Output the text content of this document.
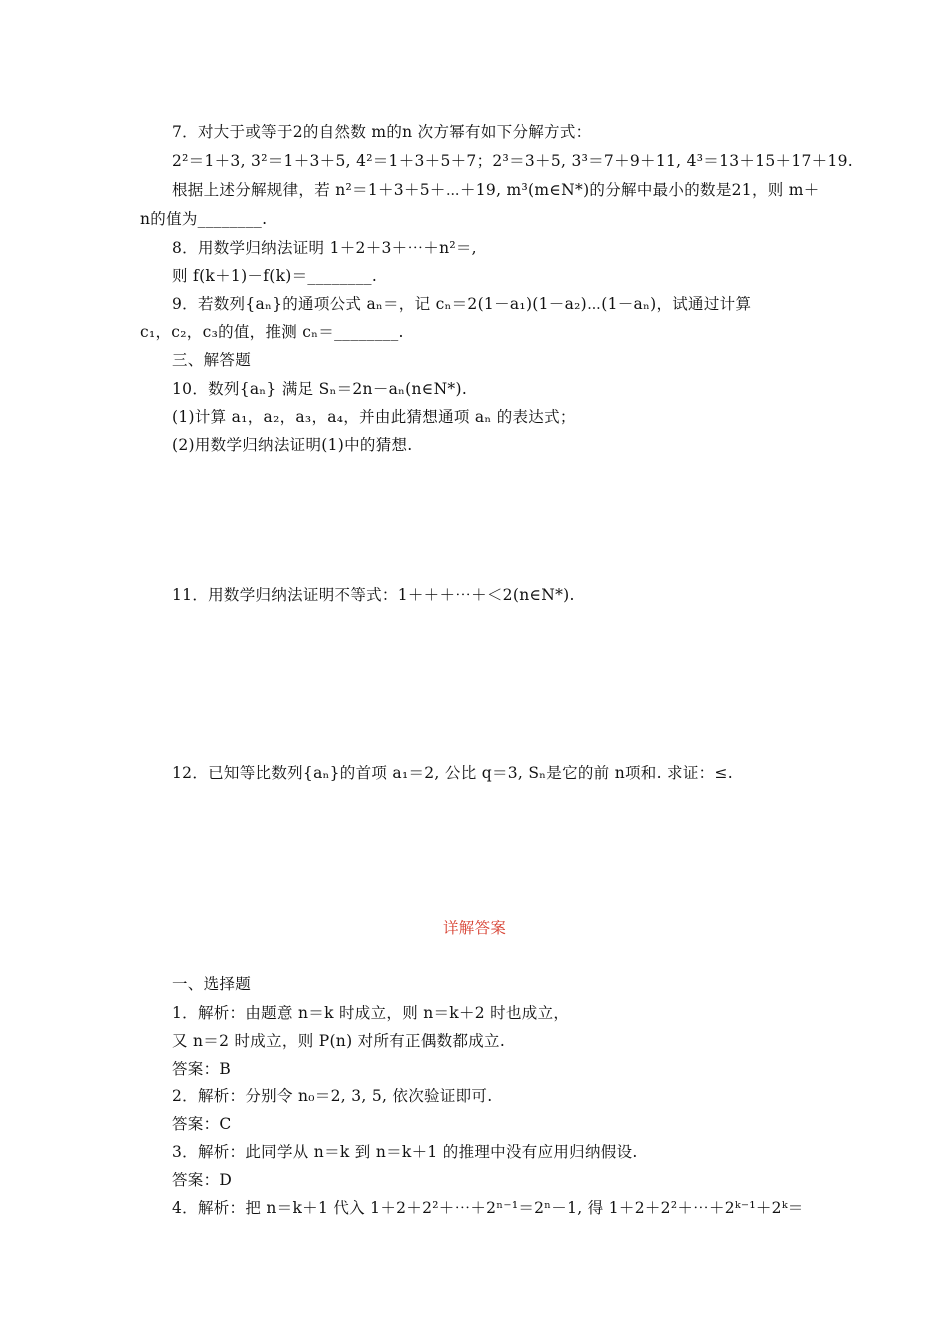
7．对大于或等于2的自然数 m的n 次方幂有如下分解方式：
2²＝1＋3, 3²＝1＋3＋5, 4²＝1＋3＋5＋7；2³＝3＋5, 3³＝7＋9＋11, 4³＝13＋15＋17＋19.
根据上述分解规律，若 n²＝1＋3＋5＋⋯＋19, m³(m∈N*)的分解中最小的数是21，则 m＋
n的值为________.
8．用数学归纳法证明 1＋2＋3＋⋯＋n²＝,
则 f(k＋1)－f(k)＝________.
9．若数列{aₙ}的通项公式 aₙ＝，记 cₙ＝2(1－a₁)(1－a₂)⋯(1－aₙ)，试通过计算
c₁，c₂，c₃的值，推测 cₙ＝________.
三、解答题
10．数列{aₙ} 满足 Sₙ＝2n－aₙ(n∈N*).
(1)计算 a₁，a₂，a₃，a₄，并由此猜想通项 aₙ 的表达式；
(2)用数学归纳法证明(1)中的猜想.
11．用数学归纳法证明不等式：1＋＋＋⋯＋＜2(n∈N*).
12．已知等比数列{aₙ}的首项 a₁＝2, 公比 q＝3, Sₙ是它的前 n项和. 求证：≤.
详解答案
一、选择题
1．解析：由题意 n＝k 时成立，则 n＝k＋2 时也成立，
又 n＝2 时成立，则 P(n) 对所有正偶数都成立.
答案：B
2．解析：分别令 n₀＝2, 3, 5, 依次验证即可.
答案：C
3．解析：此同学从 n＝k 到 n＝k＋1 的推理中没有应用归纳假设.
答案：D
4．解析：把 n＝k＋1 代入 1＋2＋2²＋⋯＋2ⁿ⁻¹＝2ⁿ－1, 得 1＋2＋2²＋⋯＋2ᵏ⁻¹＋2ᵏ＝
